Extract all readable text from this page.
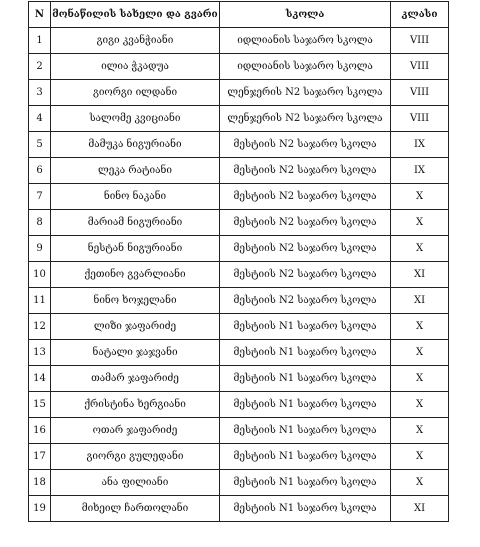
N	მონაწილის სახელი და გვარი	სკოლა	კლასი
1	გიგი კვანჭიანი	იდლიანის საჯარო სკოლა	VIII
2	ილია ჭკადუა	იდლიანის საჯარო სკოლა	VIII
3	გიორგი ილდანი	ლენჯერის N2 საჯარო სკოლა	VIII
4	სალომე კვიციანი	ლენჯერის N2 საჯარო სკოლა	VIII
5	მამუკა ნიგურიანი	მესტიის N2 საჯარო სკოლა	IX
6	ლეკა რატიანი	მესტიის N2 საჯარო სკოლა	IX
7	ნინო ნაკანი	მესტიის N2 საჯარო სკოლა	X
8	მარიამ ნიგურიანი	მესტიის N2 საჯარო სკოლა	X
9	ნესტან ნიგურიანი	მესტიის N2 საჯარო სკოლა	X
10	ქეთინო გვარლიანი	მესტიის N2 საჯარო სკოლა	XI
11	ნინო ხოჯელანი	მესტიის N2 საჯარო სკოლა	XI
12	ლიზი ჯაფარიძე	მესტიის N1 საჯარო სკოლა	X
13	ნატალი ჯაჯვანი	მესტიის N1 საჯარო სკოლა	X
14	თამარ ჯაფარიძე	მესტიის N1 საჯარო სკოლა	X
15	ქრისტინა ხერგიანი	მესტიის N1 საჯარო სკოლა	X
16	ოთარ ჯაფარიძე	მესტიის N1 საჯარო სკოლა	X
17	გიორგი გულედანი	მესტიის N1 საჯარო სკოლა	X
18	ანა ფილიანი	მესტიის N1 საჯარო სკოლა	X
19	მიხეილ ჩართოლანი	მესტიის N1 საჯარო სკოლა	XI
